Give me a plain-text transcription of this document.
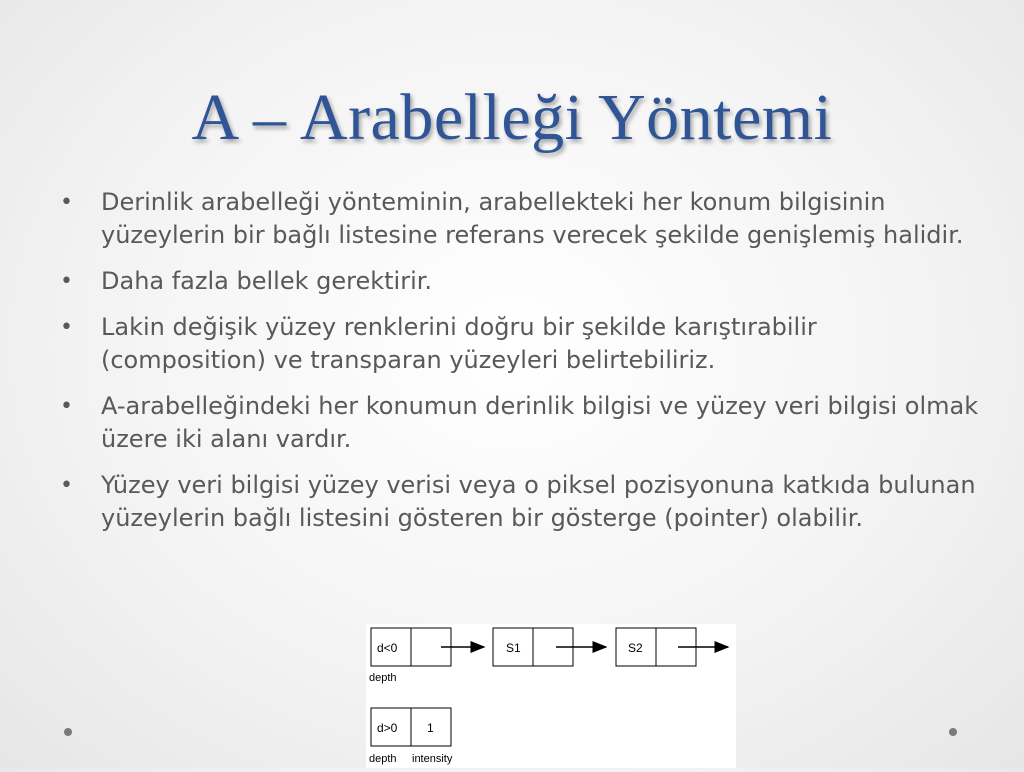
A – Arabelleği Yöntemi
• Derinlik arabelleği yönteminin, arabellekteki her konum bilgisinin yüzeylerin bir bağlı listesine referans verecek şekilde genişlemiş halidir.
• Daha fazla bellek gerektirir.
• Lakin değişik yüzey renklerini doğru bir şekilde karıştırabilir (composition) ve transparan yüzeyleri belirtebiliriz.
• A-arabelleğindeki her konumun derinlik bilgisi ve yüzey veri bilgisi olmak üzere iki alanı vardır.
• Yüzey veri bilgisi yüzey verisi veya o piksel pozisyonuna katkıda bulunan yüzeylerin bağlı listesini gösteren bir gösterge (pointer) olabilir.
d<0	S1	S2
depth
d>0 1
depth intensity
